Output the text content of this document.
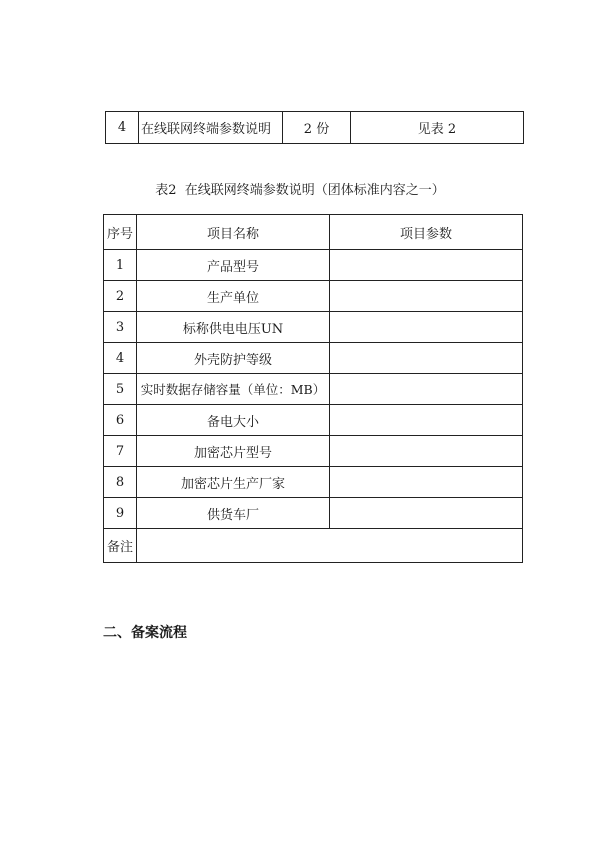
4	在线联网终端参数说明	2 份	见表 2
表2  在线联网终端参数说明（团体标准内容之一）
序号	项目名称	项目参数
1	产品型号	
2	生产单位	
3	标称供电电压UN	
4	外壳防护等级	
5	实时数据存储容量（单位：MB）	
6	备电大小	
7	加密芯片型号	
8	加密芯片生产厂家	
9	供货车厂	
备注		
二、备案流程
